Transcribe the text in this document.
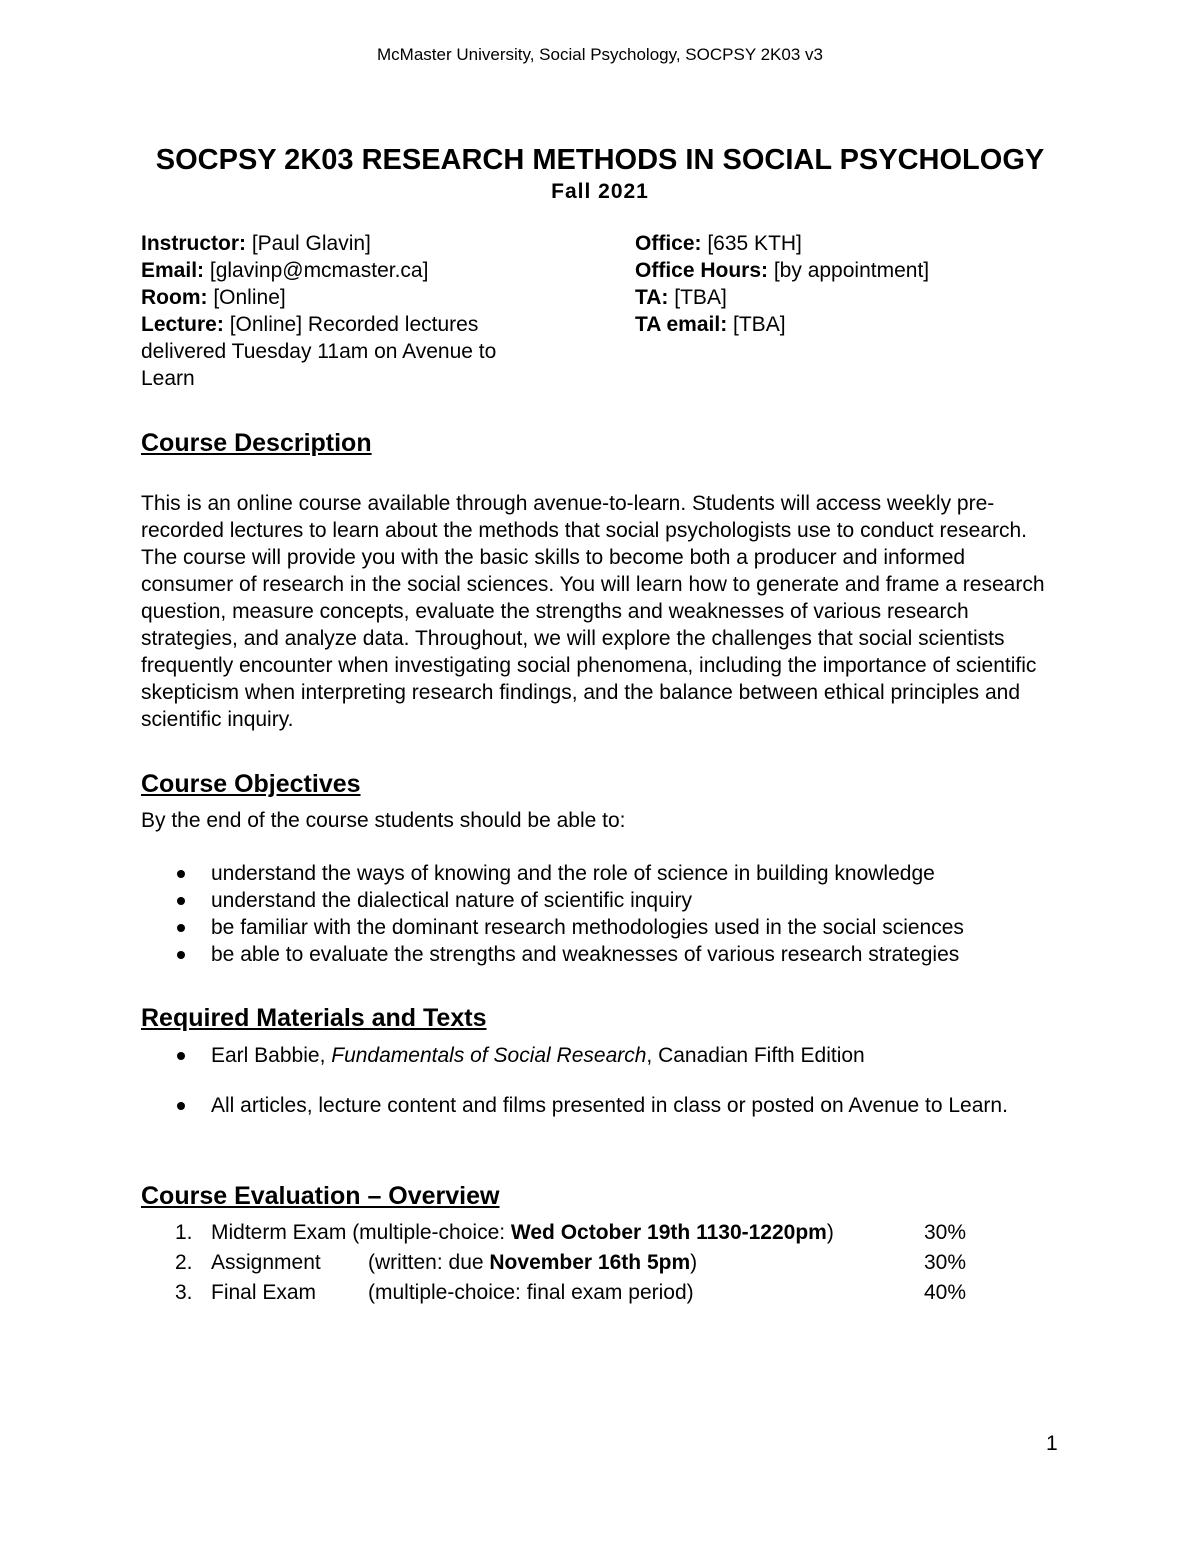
McMaster University, Social Psychology, SOCPSY 2K03 v3
SOCPSY 2K03 RESEARCH METHODS IN SOCIAL PSYCHOLOGY
Fall 2021

Instructor: [Paul Glavin]

Email: [glavinp@mcmaster.ca]

Room: [Online]

Lecture: [Online] Recorded lectures delivered Tuesday 11am on Avenue to Learn

Office: [635 KTH]

Office Hours: [by appointment]

TA: [TBA]

TA email: [TBA]

Course Description

This is an online course available through avenue-to-learn. Students will access weekly pre-recorded lectures to learn about the methods that social psychologists use to conduct research. The course will provide you with the basic skills to become both a producer and informed consumer of research in the social sciences. You will learn how to generate and frame a research question, measure concepts, evaluate the strengths and weaknesses of various research strategies, and analyze data. Throughout, we will explore the challenges that social scientists frequently encounter when investigating social phenomena, including the importance of scientific skepticism when interpreting research findings, and the balance between ethical principles and scientific inquiry.

Course Objectives

By the end of the course students should be able to:

understand the ways of knowing and the role of science in building knowledge
understand the dialectical nature of scientific inquiry
be familiar with the dominant research methodologies used in the social sciences
be able to evaluate the strengths and weaknesses of various research strategies
Required Materials and Texts
Earl Babbie, Fundamentals of Social Research, Canadian Fifth Edition
All articles, lecture content and films presented in class or posted on Avenue to Learn.
Course Evaluation – Overview
1. Midterm Exam (multiple-choice: Wed October 19th 1130-1220pm)	30%
2. Assignment (written: due November 16th 5pm)	30%
3. Final Exam (multiple-choice: final exam period)	40%
1
